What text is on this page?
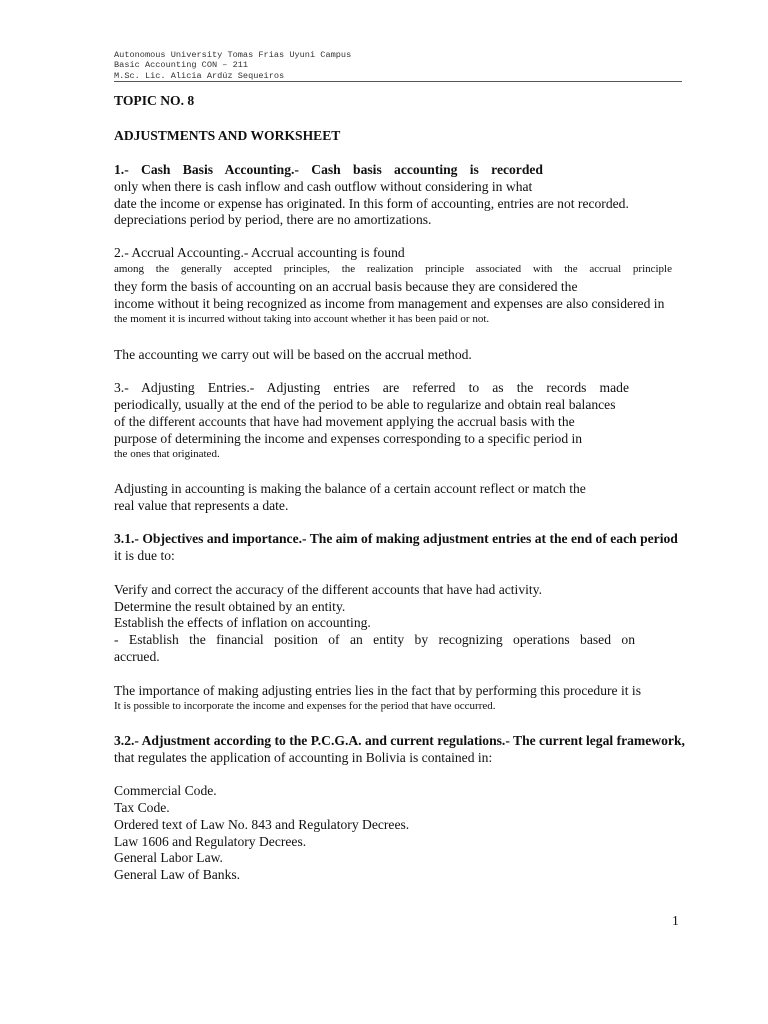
Autonomous University Tomas Frias Uyuni Campus
Basic Accounting CON – 211
M.Sc. Lic. Alicia Ardúz Sequeiros
TOPIC NO. 8
ADJUSTMENTS AND WORKSHEET
1.- Cash Basis Accounting.- Cash basis accounting is recorded
only when there is cash inflow and cash outflow without considering in what
date the income or expense has originated. In this form of accounting, entries are not recorded.
depreciations period by period, there are no amortizations.
2.- Accrual Accounting.- Accrual accounting is found
among the generally accepted principles, the realization principle associated with the accrual principle
they form the basis of accounting on an accrual basis because they are considered the
income without it being recognized as income from management and expenses are also considered in
the moment it is incurred without taking into account whether it has been paid or not.
The accounting we carry out will be based on the accrual method.
3.- Adjusting Entries.- Adjusting entries are referred to as the records made
periodically, usually at the end of the period to be able to regularize and obtain real balances
of the different accounts that have had movement applying the accrual basis with the
purpose of determining the income and expenses corresponding to a specific period in
the ones that originated.
Adjusting in accounting is making the balance of a certain account reflect or match the
real value that represents a date.
3.1.- Objectives and importance.- The aim of making adjustment entries at the end of each period
it is due to:
Verify and correct the accuracy of the different accounts that have had activity.
Determine the result obtained by an entity.
Establish the effects of inflation on accounting.
- Establish the financial position of an entity by recognizing operations based on
accrued.
The importance of making adjusting entries lies in the fact that by performing this procedure it is
It is possible to incorporate the income and expenses for the period that have occurred.
3.2.- Adjustment according to the P.C.G.A. and current regulations.- The current legal framework,
that regulates the application of accounting in Bolivia is contained in:
Commercial Code.
Tax Code.
Ordered text of Law No. 843 and Regulatory Decrees.
Law 1606 and Regulatory Decrees.
General Labor Law.
General Law of Banks.
1
